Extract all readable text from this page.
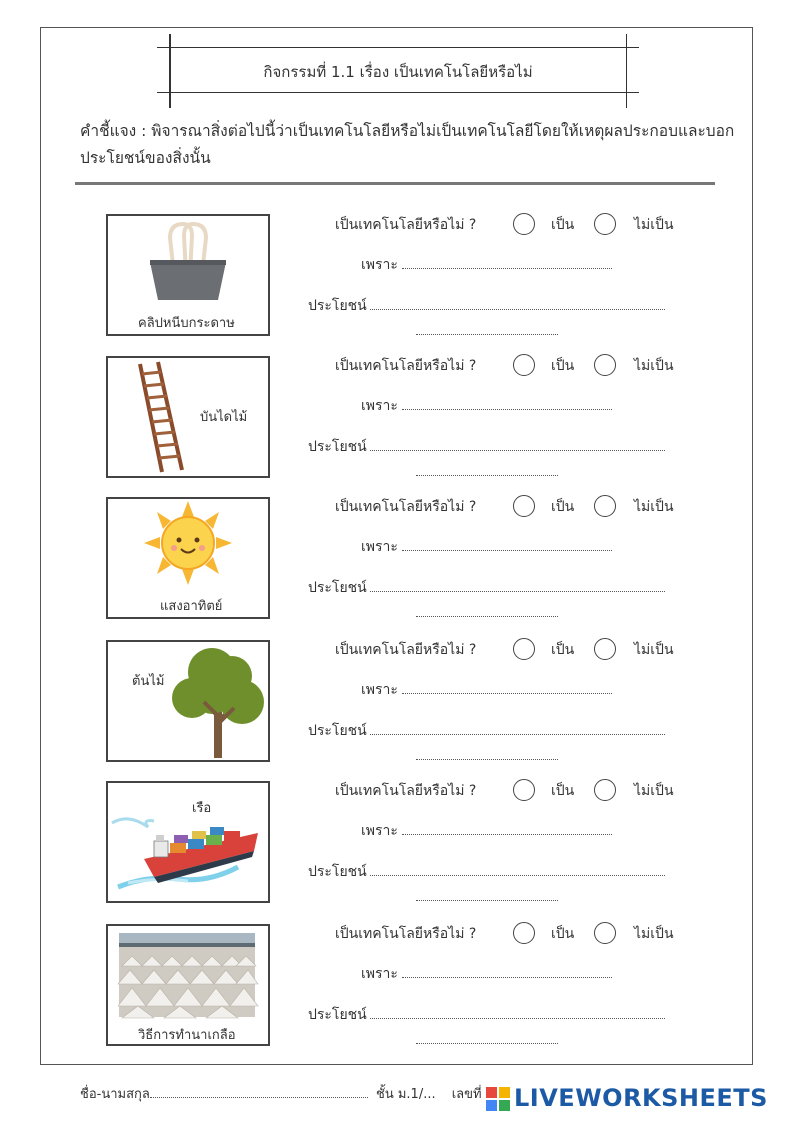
กิจกรรมที่ 1.1 เรื่อง เป็นเทคโนโลยีหรือไม่
คำชี้แจง : พิจารณาสิ่งต่อไปนี้ว่าเป็นเทคโนโลยีหรือไม่เป็นเทคโนโลยีโดยให้เหตุผลประกอบและบอกประโยชน์ของสิ่งนั้น
คลิปหนีบกระดาษ
บันไดไม้
แสงอาทิตย์
ต้นไม้
เรือ
วิธีการทำนาเกลือ
เป็นเทคโนโลยีหรือไม่ ?	เป็น	ไม่เป็น
เพราะ
ประโยชน์
เป็นเทคโนโลยีหรือไม่ ?	เป็น	ไม่เป็น
เพราะ
ประโยชน์
เป็นเทคโนโลยีหรือไม่ ?	เป็น	ไม่เป็น
เพราะ
ประโยชน์
เป็นเทคโนโลยีหรือไม่ ?	เป็น	ไม่เป็น
เพราะ
ประโยชน์
เป็นเทคโนโลยีหรือไม่ ?	เป็น	ไม่เป็น
เพราะ
ประโยชน์
เป็นเทคโนโลยีหรือไม่ ?	เป็น	ไม่เป็น
เพราะ
ประโยชน์
ชื่อ-นามสกุล	ชั้น ม.1/... เลขที่	LIVEWORKSHEETS
